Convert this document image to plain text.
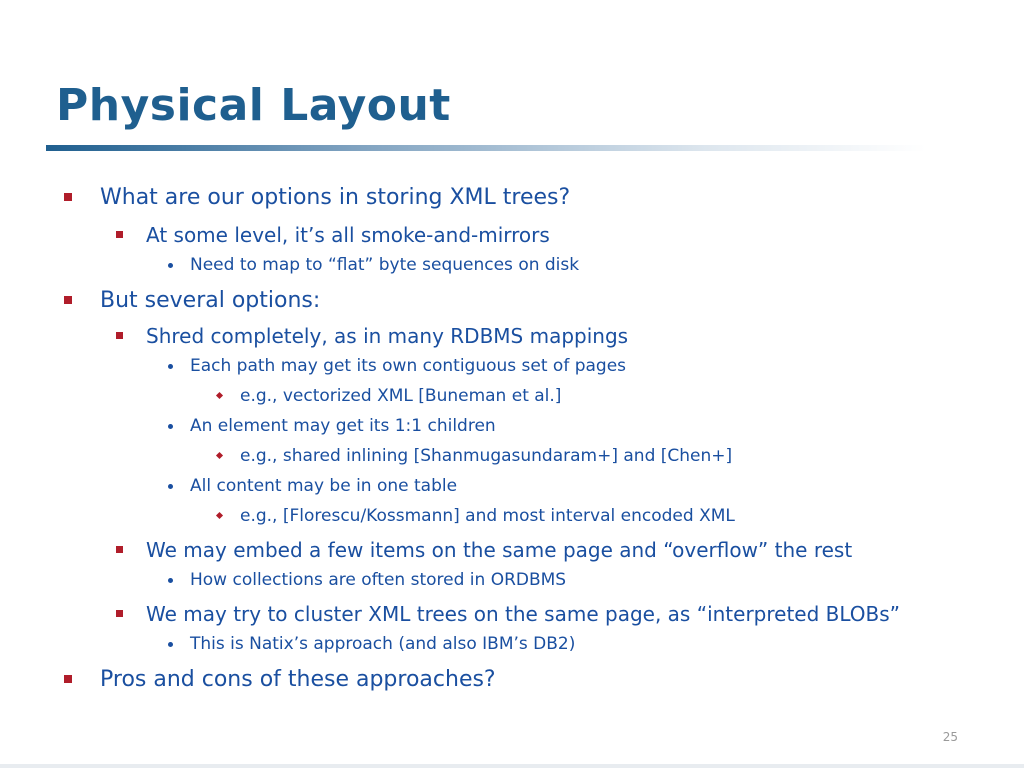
Physical Layout
What are our options in storing XML trees?
At some level, it’s all smoke-and-mirrors
Need to map to “flat” byte sequences on disk
But several options:
Shred completely, as in many RDBMS mappings
Each path may get its own contiguous set of pages
e.g., vectorized XML [Buneman et al.]
An element may get its 1:1 children
e.g., shared inlining [Shanmugasundaram+] and [Chen+]
All content may be in one table
e.g., [Florescu/Kossmann] and most interval encoded XML
We may embed a few items on the same page and “overflow” the rest
How collections are often stored in ORDBMS
We may try to cluster XML trees on the same page, as “interpreted BLOBs”
This is Natix’s approach (and also IBM’s DB2)
Pros and cons of these approaches?
25
